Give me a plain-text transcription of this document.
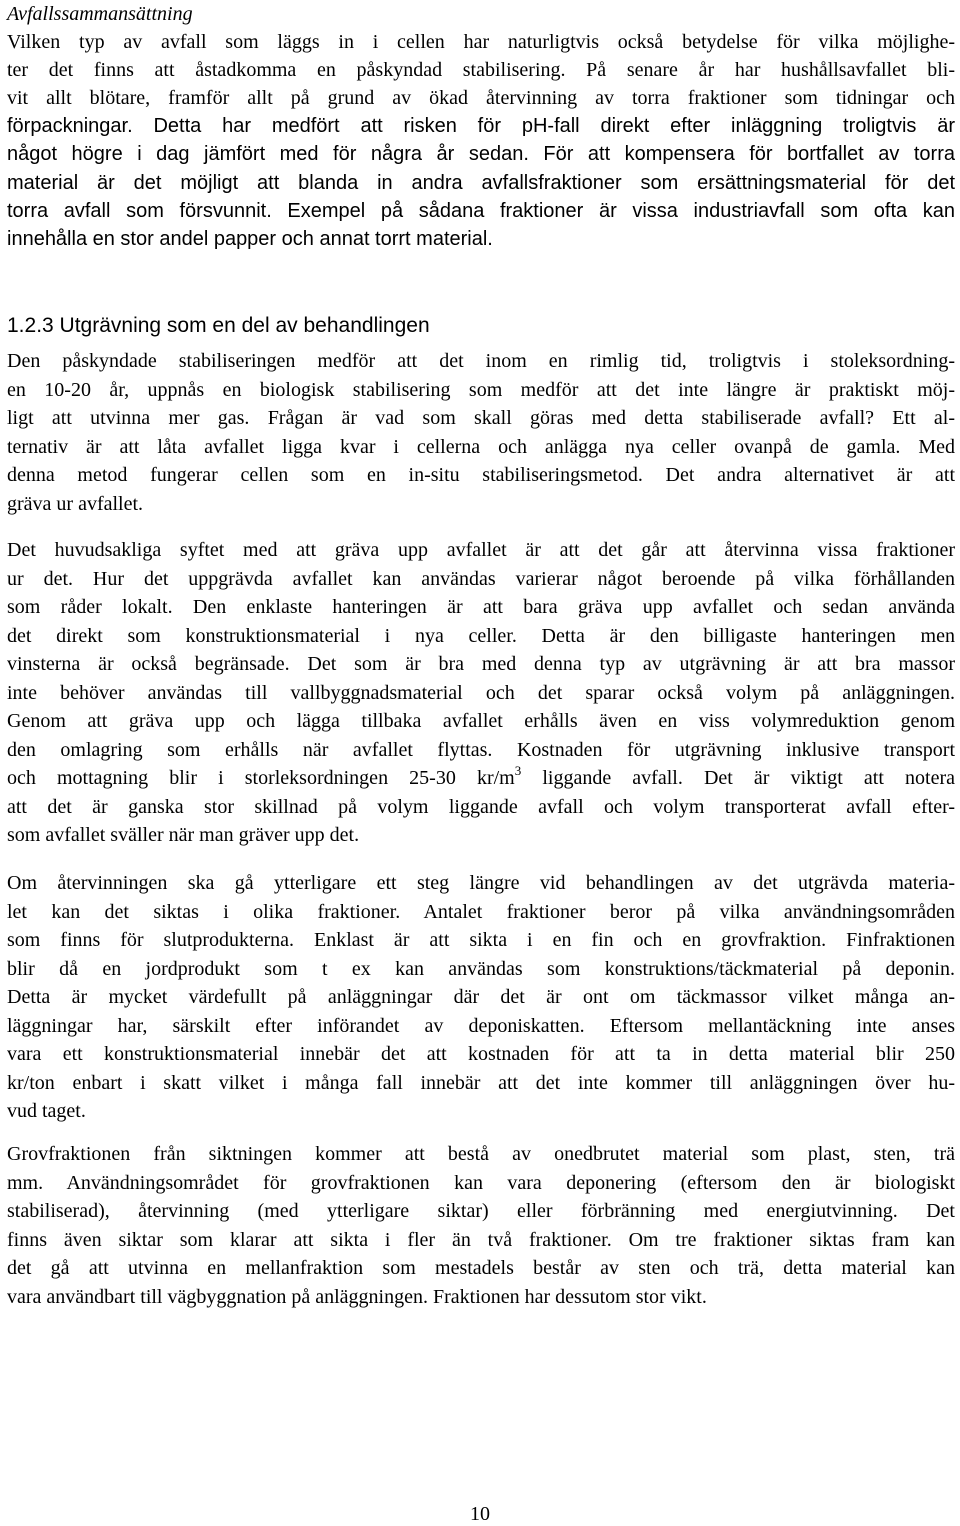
Avfallssammansättning
Vilken typ av avfall som läggs in i cellen har naturligtvis också betydelse för vilka möjlighe-
ter det finns att åstadkomma en påskyndad stabilisering. På senare år har hushållsavfallet bli-
vit allt blötare, framför allt på grund av ökad återvinning av torra fraktioner som tidningar och
förpackningar. Detta har medfört att risken för pH-fall direkt efter inläggning troligtvis är
något högre i dag jämfört med för några år sedan. För att kompensera för bortfallet av torra
material är det möjligt att blanda in andra avfallsfraktioner som ersättningsmaterial för det
torra avfall som försvunnit. Exempel på sådana fraktioner är vissa industriavfall som ofta kan
innehålla en stor andel papper och annat torrt material.
1.2.3 Utgrävning som en del av behandlingen
Den påskyndade stabiliseringen medför att det inom en rimlig tid, troligtvis i stoleksordning-
en 10-20 år, uppnås en biologisk stabilisering som medför att det inte längre är praktiskt möj-
ligt att utvinna mer gas. Frågan är vad som skall göras med detta stabiliserade avfall? Ett al-
ternativ är att låta avfallet ligga kvar i cellerna och anlägga nya celler ovanpå de gamla. Med
denna metod fungerar cellen som en in-situ stabiliseringsmetod. Det andra alternativet är att
gräva ur avfallet.
Det huvudsakliga syftet med att gräva upp avfallet är att det går att återvinna vissa fraktioner
ur det. Hur det uppgrävda avfallet kan användas varierar något beroende på vilka förhållanden
som råder lokalt. Den enklaste hanteringen är att bara gräva upp avfallet och sedan använda
det direkt som konstruktionsmaterial i nya celler. Detta är den billigaste hanteringen men
vinsterna är också begränsade. Det som är bra med denna typ av utgrävning är att bra massor
inte behöver användas till vallbyggnadsmaterial och det sparar också volym på anläggningen.
Genom att gräva upp och lägga tillbaka avfallet erhålls även en viss volymreduktion genom
den omlagring som erhålls när avfallet flyttas. Kostnaden för utgrävning inklusive transport
och mottagning blir i storleksordningen 25-30 $kr/m^3$ liggande avfall. Det är viktigt att notera
att det är ganska stor skillnad på volym liggande avfall och volym transporterat avfall efter-
som avfallet sväller när man gräver upp det.
Om återvinningen ska gå ytterligare ett steg längre vid behandlingen av det utgrävda materia-
let kan det siktas i olika fraktioner. Antalet fraktioner beror på vilka användningsområden
som finns för slutprodukterna. Enklast är att sikta i en fin och en grovfraktion. Finfraktionen
blir då en jordprodukt som t ex kan användas som konstruktions/täckmaterial på deponin.
Detta är mycket värdefullt på anläggningar där det är ont om täckmassor vilket många an-
läggningar har, särskilt efter införandet av deponiskatten. Eftersom mellantäckning inte anses
vara ett konstruktionsmaterial innebär det att kostnaden för att ta in detta material blir 250
kr/ton enbart i skatt vilket i många fall innebär att det inte kommer till anläggningen över hu-
vud taget.
Grovfraktionen från siktningen kommer att bestå av onedbrutet material som plast, sten, trä
mm. Användningsområdet för grovfraktionen kan vara deponering (eftersom den är biologiskt
stabiliserad), återvinning (med ytterligare siktar) eller förbränning med energiutvinning. Det
finns även siktar som klarar att sikta i fler än två fraktioner. Om tre fraktioner siktas fram kan
det gå att utvinna en mellanfraktion som mestadels består av sten och trä, detta material kan
vara användbart till vägbyggnation på anläggningen. Fraktionen har dessutom stor vikt.
10
